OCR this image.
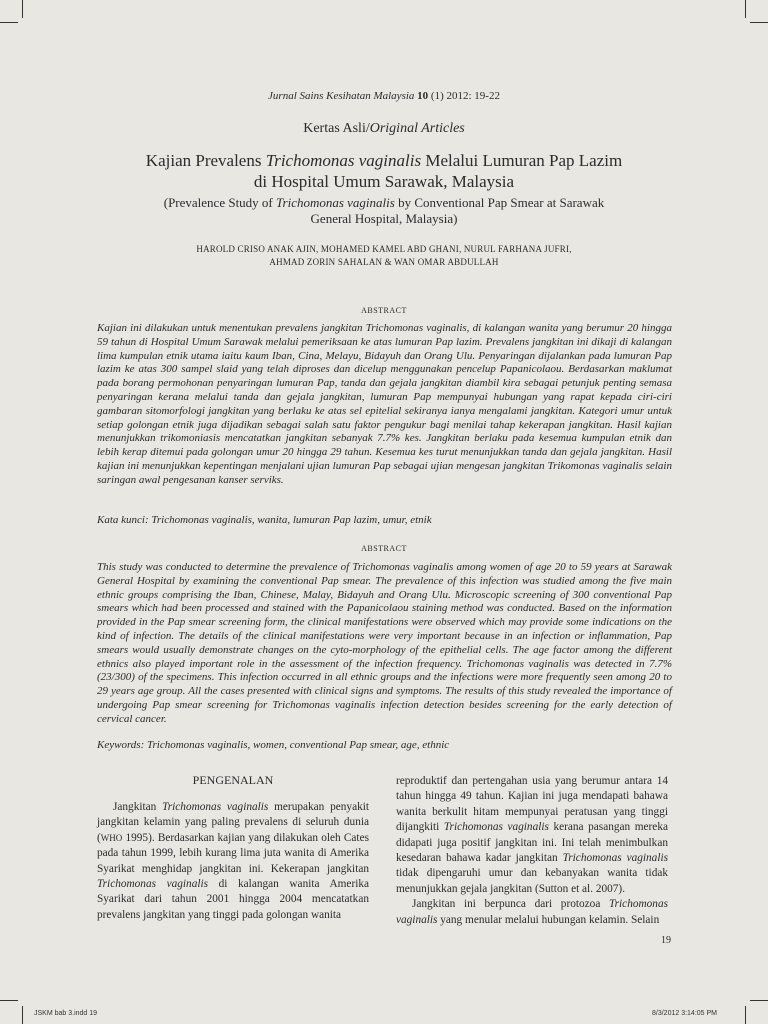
Jurnal Sains Kesihatan Malaysia 10 (1) 2012: 19-22
Kertas Asli/Original Articles
Kajian Prevalens Trichomonas vaginalis Melalui Lumuran Pap Lazim
di Hospital Umum Sarawak, Malaysia
(Prevalence Study of Trichomonas vaginalis by Conventional Pap Smear at Sarawak General Hospital, Malaysia)
HAROLD CRISO ANAK AJIN, MOHAMED KAMEL ABD GHANI, NURUL FARHANA JUFRI,
AHMAD ZORIN SAHALAN & WAN OMAR ABDULLAH
ABSTRACT
Kajian ini dilakukan untuk menentukan prevalens jangkitan Trichomonas vaginalis, di kalangan wanita yang berumur 20 hingga 59 tahun di Hospital Umum Sarawak melalui pemeriksaan ke atas lumuran Pap lazim. Prevalens jangkitan ini dikaji di kalangan lima kumpulan etnik utama iaitu kaum Iban, Cina, Melayu, Bidayuh dan Orang Ulu. Penyaringan dijalankan pada lumuran Pap lazim ke atas 300 sampel slaid yang telah diproses dan dicelup menggunakan pencelup Papanicolaou. Berdasarkan maklumat pada borang permohonan penyaringan lumuran Pap, tanda dan gejala jangkitan diambil kira sebagai petunjuk penting semasa penyaringan kerana melalui tanda dan gejala jangkitan, lumuran Pap mempunyai hubungan yang rapat kepada ciri-ciri gambaran sitomorfologi jangkitan yang berlaku ke atas sel epitelial sekiranya ianya mengalami jangkitan. Kategori umur untuk setiap golongan etnik juga dijadikan sebagai salah satu faktor pengukur bagi menilai tahap kekerapan jangkitan. Hasil kajian menunjukkan trikomoniasis mencatatkan jangkitan sebanyak 7.7% kes. Jangkitan berlaku pada kesemua kumpulan etnik dan lebih kerap ditemui pada golongan umur 20 hingga 29 tahun. Kesemua kes turut menunjukkan tanda dan gejala jangkitan. Hasil kajian ini menunjukkan kepentingan menjalani ujian lumuran Pap sebagai ujian mengesan jangkitan Trikomonas vaginalis selain saringan awal pengesanan kanser serviks.
Kata kunci: Trichomonas vaginalis, wanita, lumuran Pap lazim, umur, etnik
ABSTRACT
This study was conducted to determine the prevalence of Trichomonas vaginalis among women of age 20 to 59 years at Sarawak General Hospital by examining the conventional Pap smear. The prevalence of this infection was studied among the five main ethnic groups comprising the Iban, Chinese, Malay, Bidayuh and Orang Ulu. Microscopic screening of 300 conventional Pap smears which had been processed and stained with the Papanicolaou staining method was conducted. Based on the information provided in the Pap smear screening form, the clinical manifestations were observed which may provide some indications on the kind of infection. The details of the clinical manifestations were very important because in an infection or inflammation, Pap smears would usually demonstrate changes on the cyto-morphology of the epithelial cells. The age factor among the different ethnics also played important role in the assessment of the infection frequency. Trichomonas vaginalis was detected in 7.7% (23/300) of the specimens. This infection occurred in all ethnic groups and the infections were more frequently seen among 20 to 29 years age group. All the cases presented with clinical signs and symptoms. The results of this study revealed the importance of undergoing Pap smear screening for Trichomonas vaginalis infection detection besides screening for the early detection of cervical cancer.
Keywords: Trichomonas vaginalis, women, conventional Pap smear, age, ethnic
PENGENALAN

Jangkitan Trichomonas vaginalis merupakan penyakit jangkitan kelamin yang paling prevalens di seluruh dunia (WHO 1995). Berdasarkan kajian yang dilakukan oleh Cates pada tahun 1999, lebih kurang lima juta wanita di Amerika Syarikat menghidap jangkitan ini. Kekerapan jangkitan Trichomonas vaginalis di kalangan wanita Amerika Syarikat dari tahun 2001 hingga 2004 mencatatkan prevalens jangkitan yang tinggi pada golongan wanita

reproduktif dan pertengahan usia yang berumur antara 14 tahun hingga 49 tahun. Kajian ini juga mendapati bahawa wanita berkulit hitam mempunyai peratusan yang tinggi dijangkiti Trichomonas vaginalis kerana pasangan mereka didapati juga positif jangkitan ini. Ini telah menimbulkan kesedaran bahawa kadar jangkitan Trichomonas vaginalis tidak dipengaruhi umur dan kebanyakan wanita tidak menunjukkan gejala jangkitan (Sutton et al. 2007).

Jangkitan ini berpunca dari protozoa Trichomonas vaginalis yang menular melalui hubungan kelamin. Selain

19
JSKM bab 3.indd 19	8/3/2012 3:14:05 PM
